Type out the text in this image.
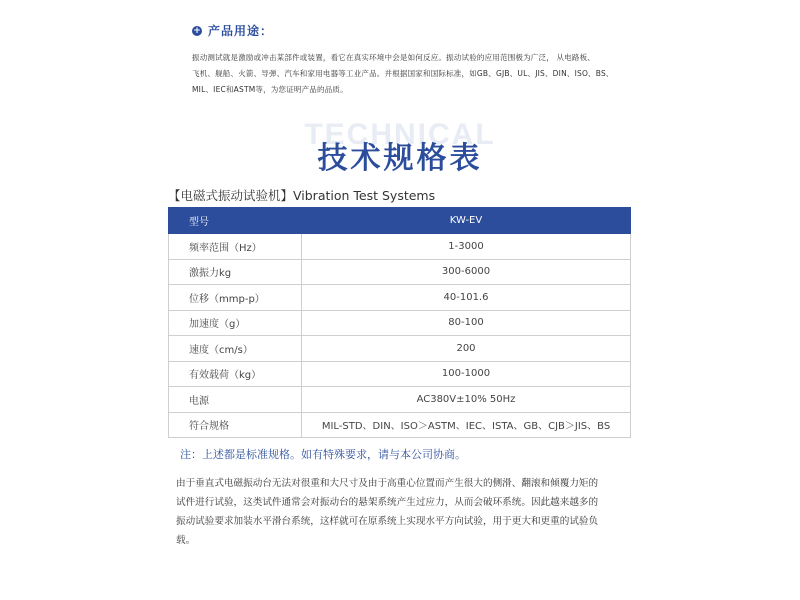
+ 产品用途：
振动测试就是激励或冲击某部件或装置，看它在真实环境中会是如何反应。振动试验的应用范围极为广泛， 从电路板、
飞机、舰船、火箭、导弹、汽车和家用电器等工业产品。并根据国家和国际标准，如GB、GJB、UL、JIS、DIN、ISO、BS、
MIL、IEC和ASTM等，为您证明产品的品质。
TECHNICAL
技术规格表
【电磁式振动试验机】Vibration Test Systems
型号	KW-EV
频率范围（Hz）	1-3000
激振力kg	300-6000
位移（mmp-p）	40-101.6
加速度（g）	80-100
速度（cm/s）	200
有效载荷（kg）	100-1000
电源	AC380V±10% 50Hz
符合规格	MIL-STD、DIN、ISO＞ASTM、IEC、ISTA、GB、CJB＞JIS、BS
注：上述都是标准规格。如有特殊要求，请与本公司协商。
由于垂直式电磁振动台无法对很重和大尺寸及由于高重心位置而产生很大的侧滑、翻滚和倾覆力矩的
试件进行试验，这类试件通常会对振动台的悬架系统产生过应力，从而会破环系统。因此越来越多的
振动试验要求加装水平滑台系统，这样就可在原系统上实现水平方向试验，用于更大和更重的试验负
载。
